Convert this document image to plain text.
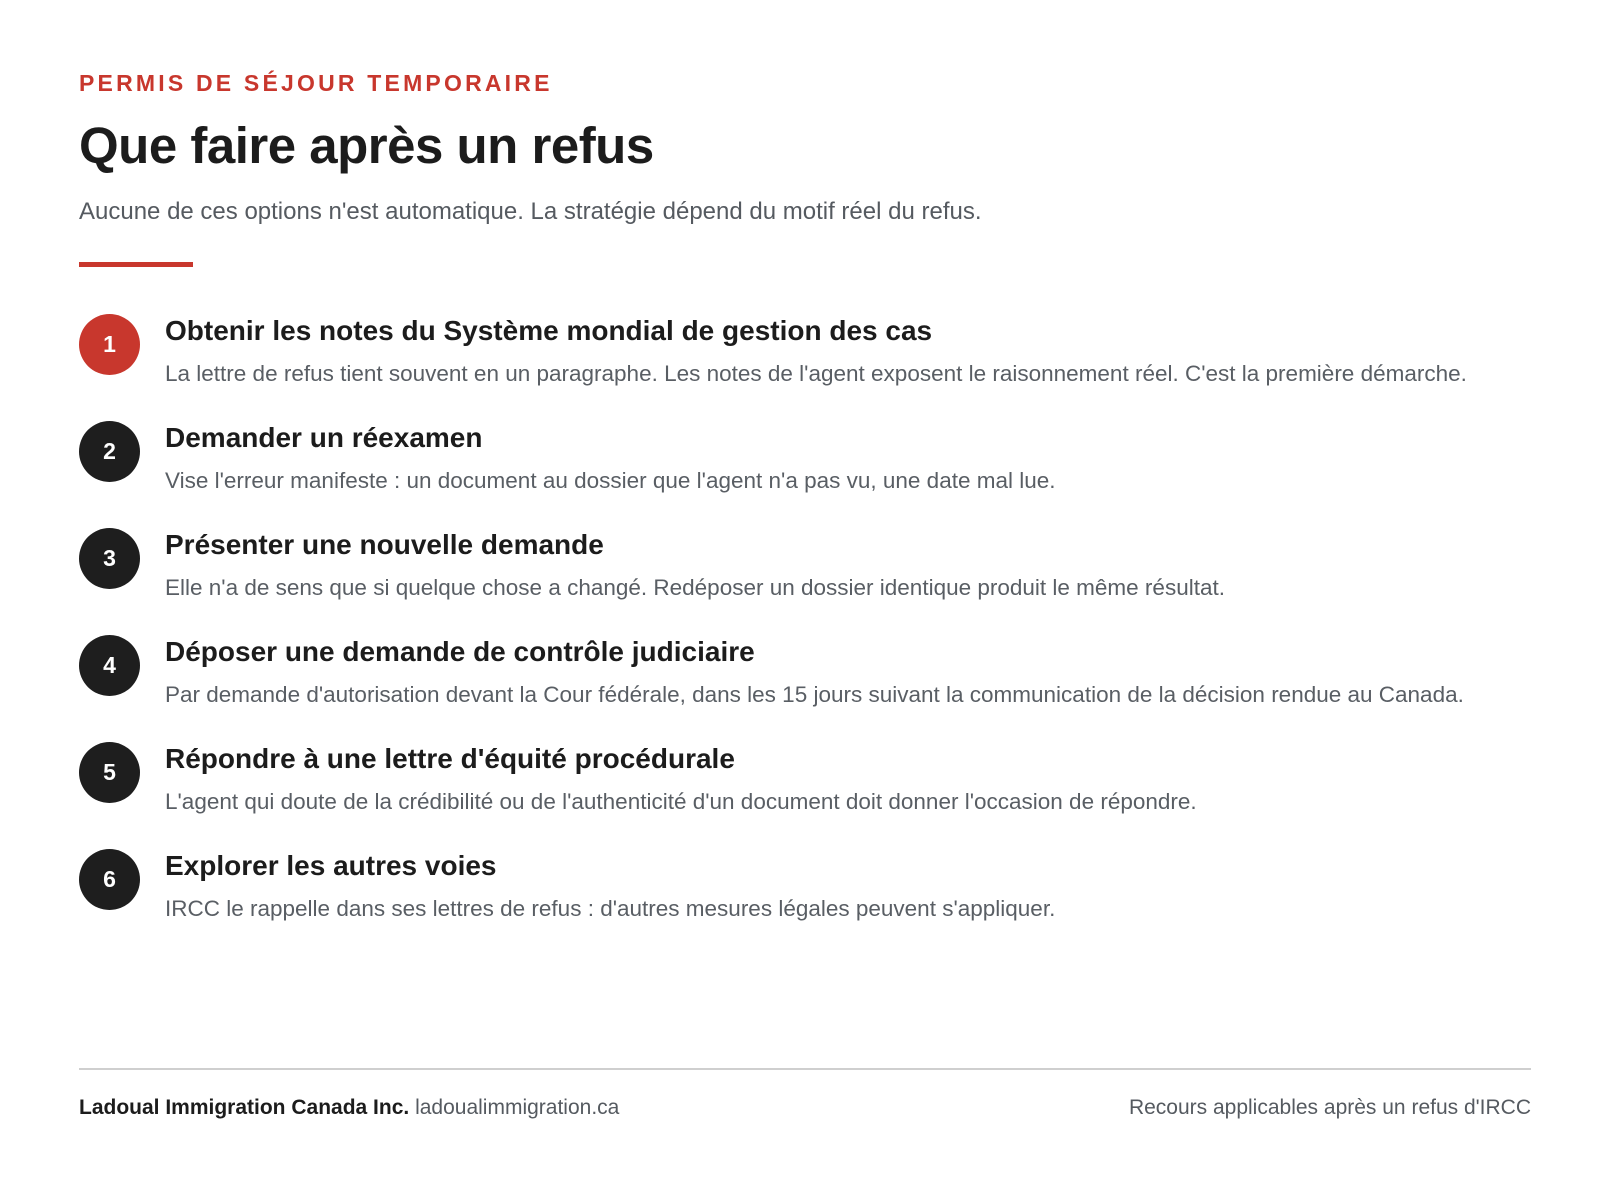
PERMIS DE SÉJOUR TEMPORAIRE
Que faire après un refus
Aucune de ces options n'est automatique. La stratégie dépend du motif réel du refus.
1	Obtenir les notes du Système mondial de gestion des cas

La lettre de refus tient souvent en un paragraphe. Les notes de l'agent exposent le raisonnement réel. C'est la première démarche.

2	Demander un réexamen

Vise l'erreur manifeste : un document au dossier que l'agent n'a pas vu, une date mal lue.

3	Présenter une nouvelle demande

Elle n'a de sens que si quelque chose a changé. Redéposer un dossier identique produit le même résultat.

4	Déposer une demande de contrôle judiciaire

Par demande d'autorisation devant la Cour fédérale, dans les 15 jours suivant la communication de la décision rendue au Canada.

5	Répondre à une lettre d'équité procédurale

L'agent qui doute de la crédibilité ou de l'authenticité d'un document doit donner l'occasion de répondre.

6	Explorer les autres voies

IRCC le rappelle dans ses lettres de refus : d'autres mesures légales peuvent s'appliquer.

Ladoual Immigration Canada Inc. ladoualimmigration.ca	Recours applicables après un refus d'IRCC
